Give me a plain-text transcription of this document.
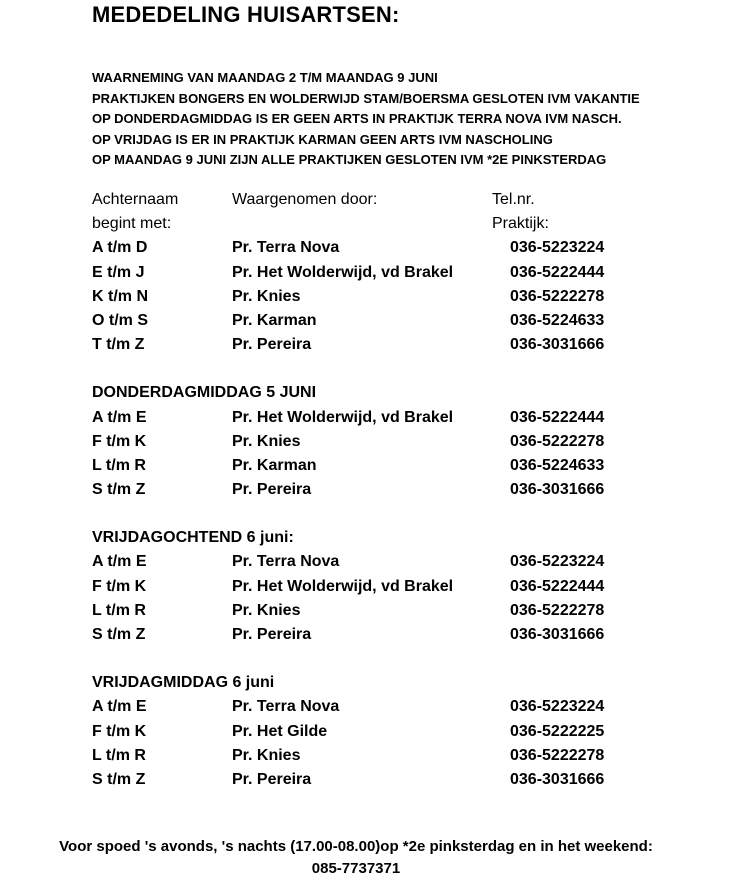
MEDEDELING HUISARTSEN:
WAARNEMING VAN MAANDAG 2 T/M MAANDAG 9 JUNI
PRAKTIJKEN BONGERS EN WOLDERWIJD STAM/BOERSMA GESLOTEN IVM VAKANTIE
OP DONDERDAGMIDDAG IS ER GEEN ARTS IN PRAKTIJK TERRA NOVA IVM NASCH.
OP VRIJDAG IS ER IN PRAKTIJK KARMAN GEEN ARTS IVM NASCHOLING
OP MAANDAG 9 JUNI ZIJN ALLE PRAKTIJKEN GESLOTEN IVM *2E PINKSTERDAG
Achternaam	Waargenomen door:	Tel.nr.
begint met:	Praktijk:
A t/m D	Pr. Terra Nova	036-5223224
E t/m J	Pr. Het Wolderwijd, vd Brakel	036-5222444
K t/m N	Pr. Knies	036-5222278
O t/m S	Pr. Karman	036-5224633
T t/m Z	Pr. Pereira	036-3031666
DONDERDAGMIDDAG 5 JUNI
A t/m E	Pr. Het Wolderwijd, vd Brakel	036-5222444
F t/m K	Pr. Knies	036-5222278
L t/m R	Pr. Karman	036-5224633
S t/m Z	Pr. Pereira	036-3031666
VRIJDAGOCHTEND 6 juni:
A t/m E	Pr. Terra Nova	036-5223224
F t/m K	Pr. Het Wolderwijd, vd Brakel	036-5222444
L t/m R	Pr. Knies	036-5222278
S t/m Z	Pr. Pereira	036-3031666
VRIJDAGMIDDAG 6 juni
A t/m E	Pr. Terra Nova	036-5223224
F t/m K	Pr. Het Gilde	036-5222225
L t/m R	Pr. Knies	036-5222278
S t/m Z	Pr. Pereira	036-3031666
Voor spoed 's avonds, 's nachts (17.00-08.00)op *2e pinksterdag en in het weekend:
085-7737371
